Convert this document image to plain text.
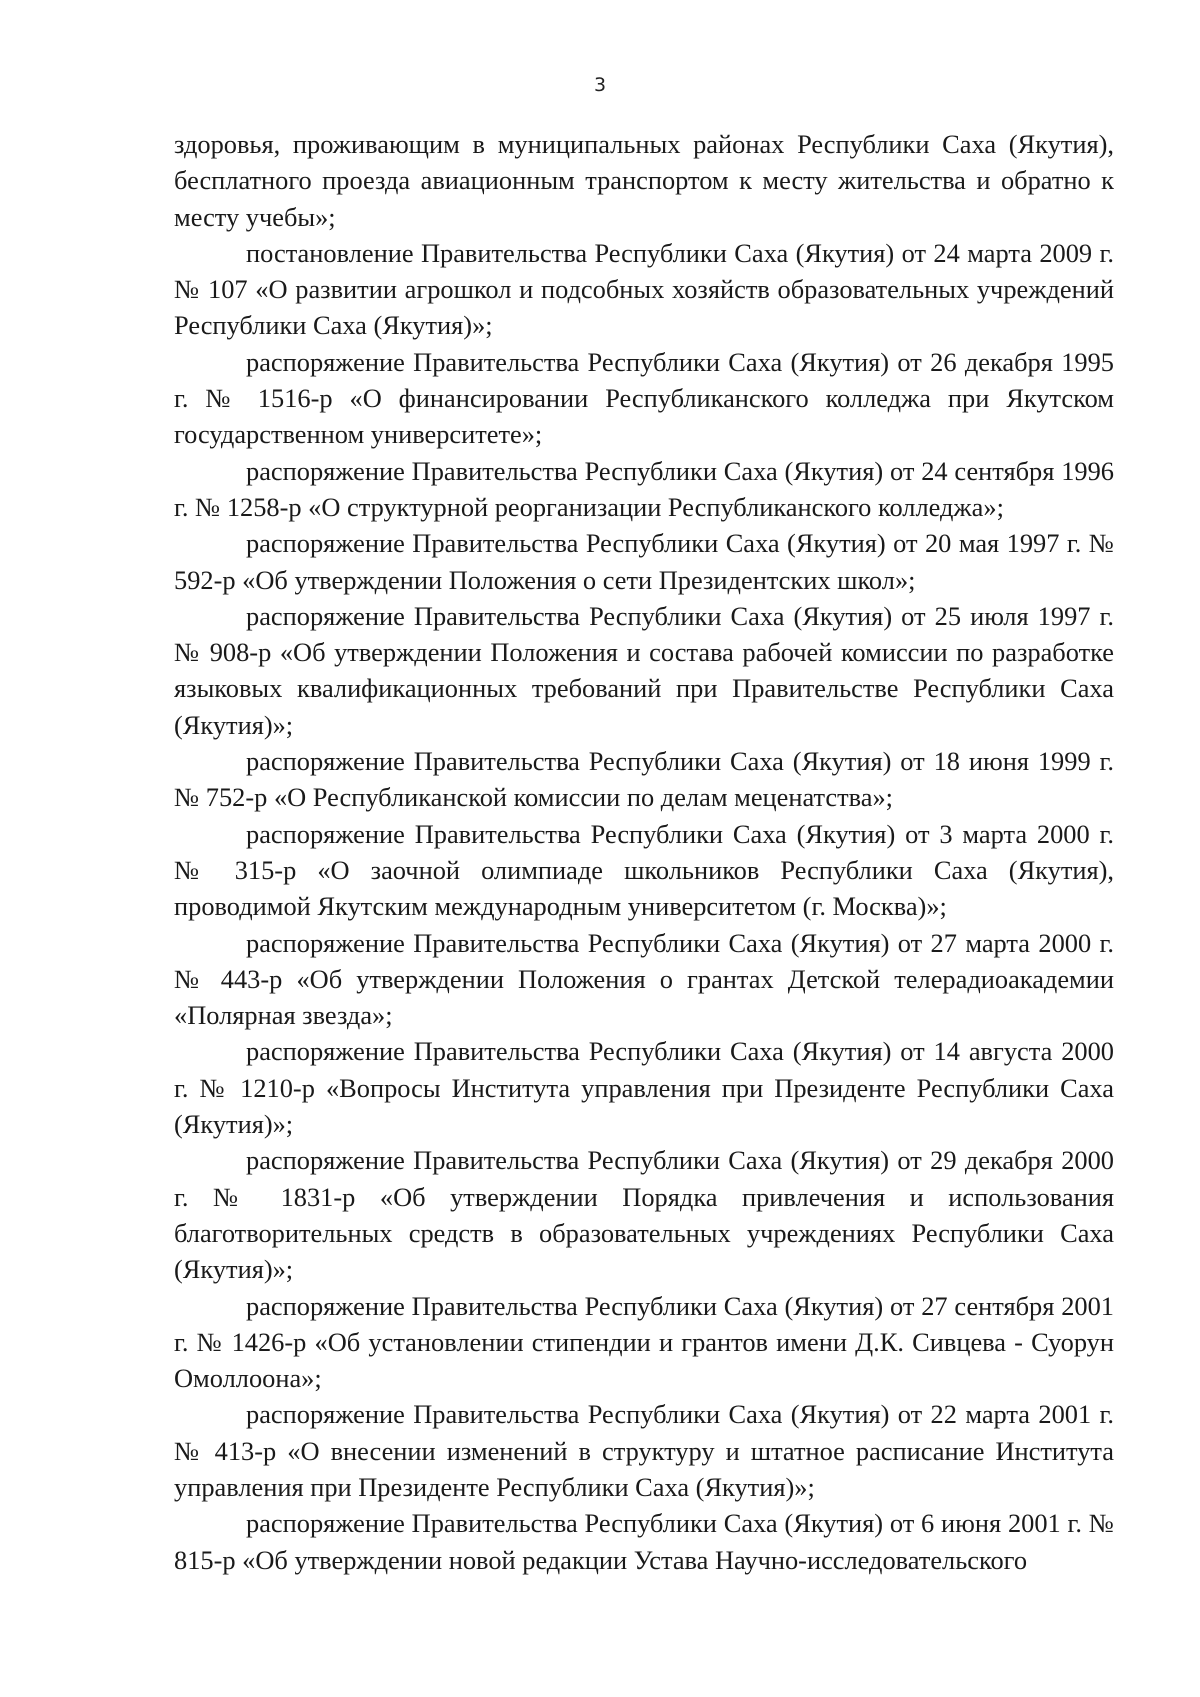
3

здоровья, проживающим в муниципальных районах Республики Саха (Якутия), бесплатного проезда авиационным транспортом к месту жительства и обратно к месту учебы»;

постановление Правительства Республики Саха (Якутия) от 24 марта 2009 г. № 107 «О развитии агрошкол и подсобных хозяйств образовательных учреждений Республики Саха (Якутия)»;

распоряжение Правительства Республики Саха (Якутия) от 26 декабря 1995 г. № 1516-р «О финансировании Республиканского колледжа при Якутском государственном университете»;

распоряжение Правительства Республики Саха (Якутия) от 24 сентября 1996 г. № 1258-р «О структурной реорганизации Республиканского колледжа»;

распоряжение Правительства Республики Саха (Якутия) от 20 мая 1997 г. № 592-р «Об утверждении Положения о сети Президентских школ»;

распоряжение Правительства Республики Саха (Якутия) от 25 июля 1997 г. № 908-р «Об утверждении Положения и состава рабочей комиссии по разработке языковых квалификационных требований при Правительстве Республики Саха (Якутия)»;

распоряжение Правительства Республики Саха (Якутия) от 18 июня 1999 г. № 752-р «О Республиканской комиссии по делам меценатства»;

распоряжение Правительства Республики Саха (Якутия) от 3 марта 2000 г. № 315-р «О заочной олимпиаде школьников Республики Саха (Якутия), проводимой Якутским международным университетом (г. Москва)»;

распоряжение Правительства Республики Саха (Якутия) от 27 марта 2000 г. № 443-р «Об утверждении Положения о грантах Детской телерадиоакадемии «Полярная звезда»;

распоряжение Правительства Республики Саха (Якутия) от 14 августа 2000 г. № 1210-р «Вопросы Института управления при Президенте Республики Саха (Якутия)»;

распоряжение Правительства Республики Саха (Якутия) от 29 декабря 2000 г. № 1831-р «Об утверждении Порядка привлечения и использования благотворительных средств в образовательных учреждениях Республики Саха (Якутия)»;

распоряжение Правительства Республики Саха (Якутия) от 27 сентября 2001 г. № 1426-р «Об установлении стипендии и грантов имени Д.К. Сивцева - Суорун Омоллоона»;

распоряжение Правительства Республики Саха (Якутия) от 22 марта 2001 г. № 413-р «О внесении изменений в структуру и штатное расписание Института управления при Президенте Республики Саха (Якутия)»;

распоряжение Правительства Республики Саха (Якутия) от 6 июня 2001 г. № 815-р «Об утверждении новой редакции Устава Научно-исследовательского
